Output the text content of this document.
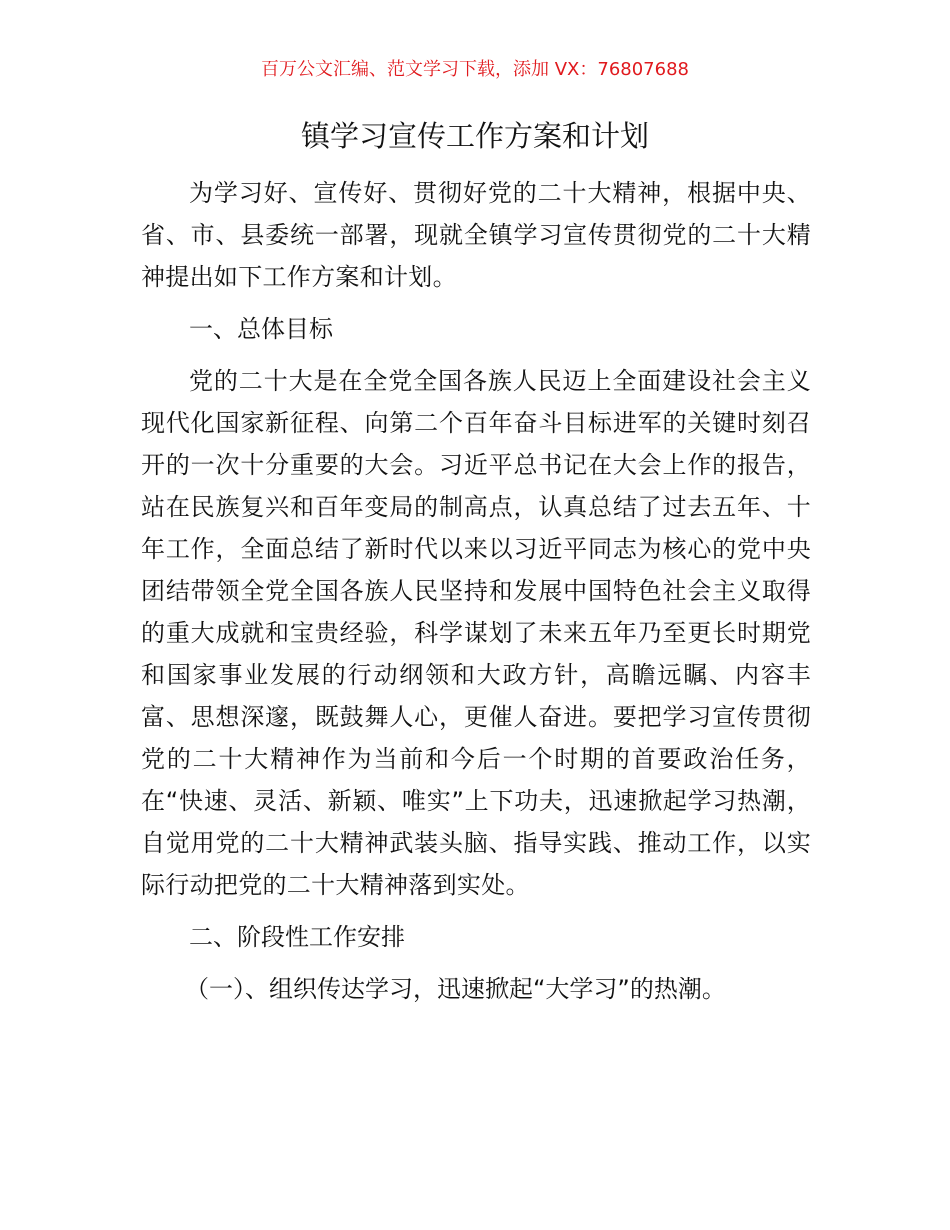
百万公文汇编、范文学习下载，添加 VX：76807688
镇学习宣传工作方案和计划

为学习好、宣传好、贯彻好党的二十大精神，根据中央、省、市、县委统一部署，现就全镇学习宣传贯彻党的二十大精神提出如下工作方案和计划。

一、总体目标

党的二十大是在全党全国各族人民迈上全面建设社会主义现代化国家新征程、向第二个百年奋斗目标进军的关键时刻召开的一次十分重要的大会。习近平总书记在大会上作的报告，站在民族复兴和百年变局的制高点，认真总结了过去五年、十年工作，全面总结了新时代以来以习近平同志为核心的党中央团结带领全党全国各族人民坚持和发展中国特色社会主义取得的重大成就和宝贵经验，科学谋划了未来五年乃至更长时期党和国家事业发展的行动纲领和大政方针，高瞻远瞩、内容丰富、思想深邃，既鼓舞人心，更催人奋进。要把学习宣传贯彻党的二十大精神作为当前和今后一个时期的首要政治任务，在“快速、灵活、新颖、唯实”上下功夫，迅速掀起学习热潮，自觉用党的二十大精神武装头脑、指导实践、推动工作，以实际行动把党的二十大精神落到实处。

二、阶段性工作安排

（一）、组织传达学习，迅速掀起“大学习”的热潮。
